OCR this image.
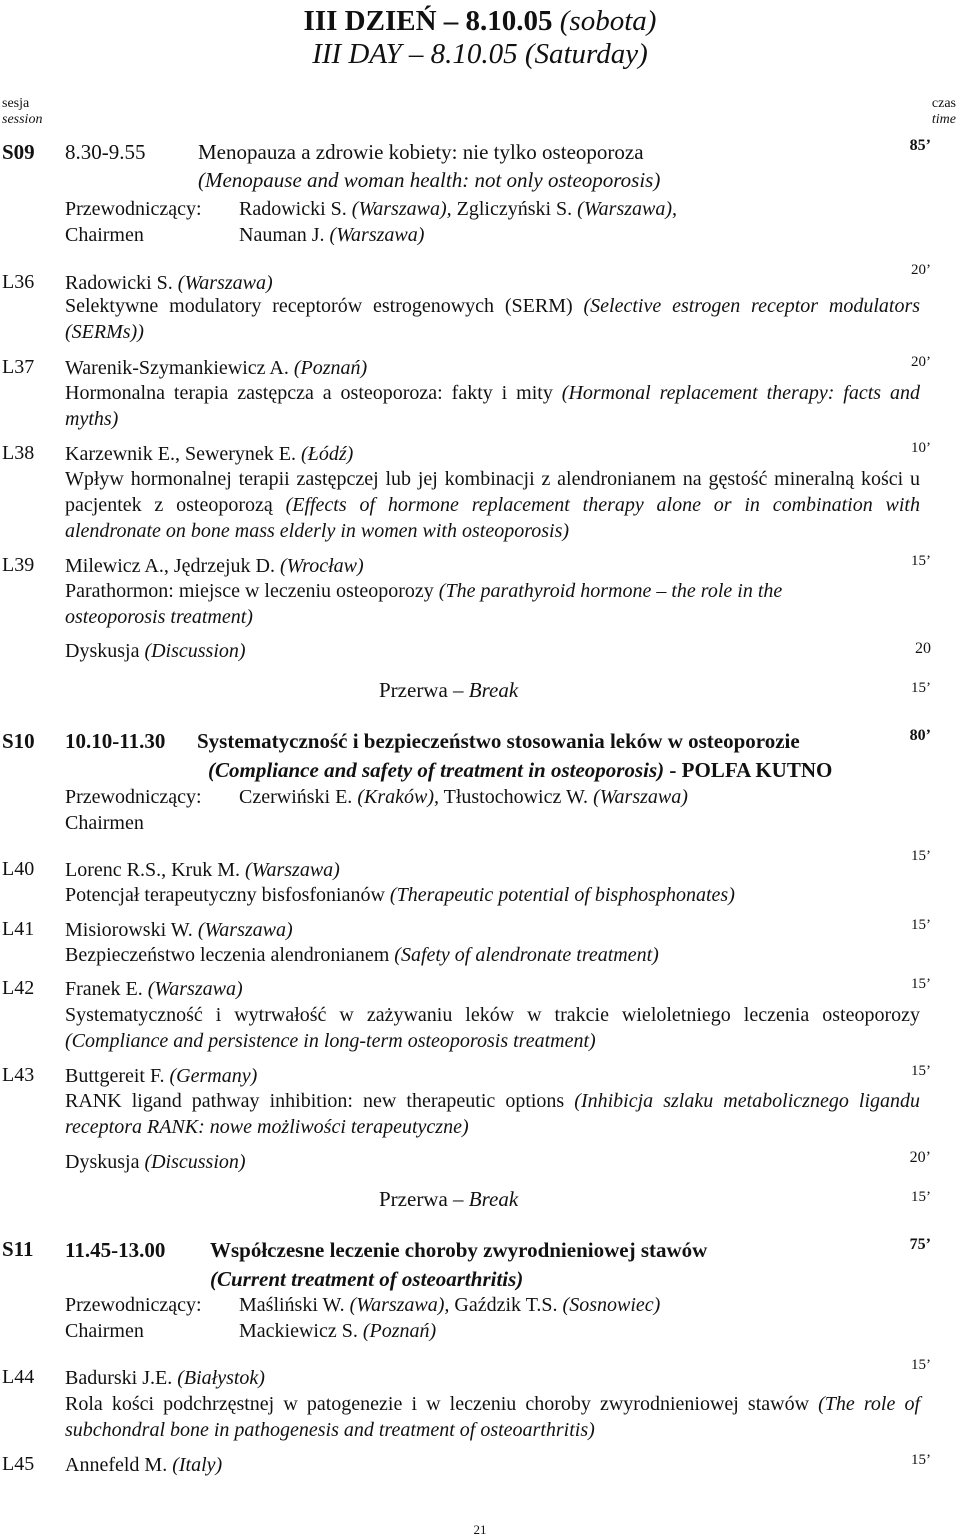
III DZIEŃ – 8.10.05 (sobota)
III DAY – 8.10.05 (Saturday)
sesja
session
czas
time
S09 8.30-9.55	Menopauza a zdrowie kobiety: nie tylko osteoporoza
(Menopause and woman health: not only osteoporosis)
85’
Przewodniczący: Radowicki S. (Warszawa), Zgliczyński S. (Warszawa),
Chairmen	Nauman J. (Warszawa)
L36
20’
Radowicki S. (Warszawa)
Selektywne modulatory receptorów estrogenowych (SERM) (Selective estrogen receptor modulators (SERMs))
L37	20’
Warenik-Szymankiewicz A. (Poznań)
Hormonalna terapia zastępcza a osteoporoza: fakty i mity (Hormonal replacement therapy: facts and myths)
L38	10’
Karzewnik E., Sewerynek E. (Łódź)
Wpływ hormonalnej terapii zastępczej lub jej kombinacji z alendronianem na gęstość mineralną kości u pacjentek z osteoporozą (Effects of hormone replacement therapy alone or in combination with alendronate on bone mass elderly in women with osteoporosis)
L39	15’
Milewicz A., Jędrzejuk D. (Wrocław)
Parathormon: miejsce w leczeniu osteoporozy (The parathyroid hormone – the role in the osteoporosis treatment)
Dyskusja (Discussion)	20
Przerwa – Break	15’
S10 10.10-11.30 Systematyczność i bezpieczeństwo stosowania leków w osteoporozie	80’
(Compliance and safety of treatment in osteoporosis) - POLFA KUTNO
Przewodniczący: Czerwiński E. (Kraków), Tłustochowicz W. (Warszawa)
Chairmen
L40
15’
Lorenc R.S., Kruk M. (Warszawa)
Potencjał terapeutyczny bisfosfonianów (Therapeutic potential of bisphosphonates)
L41	15’
Misiorowski W. (Warszawa)
Bezpieczeństwo leczenia alendronianem (Safety of alendronate treatment)
L42	15’
Franek E. (Warszawa)
Systematyczność i wytrwałość w zażywaniu leków w trakcie wieloletniego leczenia osteoporozy (Compliance and persistence in long-term osteoporosis treatment)
L43	15’
Buttgereit F. (Germany)
RANK ligand pathway inhibition: new therapeutic options (Inhibicja szlaku metabolicznego ligandu receptora RANK: nowe możliwości terapeutyczne)
Dyskusja (Discussion)	20’
Przerwa – Break	15’
S11 11.45-13.00 Współczesne leczenie choroby zwyrodnieniowej stawów	75’
(Current treatment of osteoarthritis)
Przewodniczący: Maśliński W. (Warszawa), Gaździk T.S. (Sosnowiec)
Chairmen	Mackiewicz S. (Poznań)
L44
15’
Badurski J.E. (Białystok)
Rola kości podchrzęstnej w patogenezie i w leczeniu choroby zwyrodnieniowej stawów (The role of subchondral bone in pathogenesis and treatment of osteoarthritis)
L45	15’
Annefeld M. (Italy)
21
